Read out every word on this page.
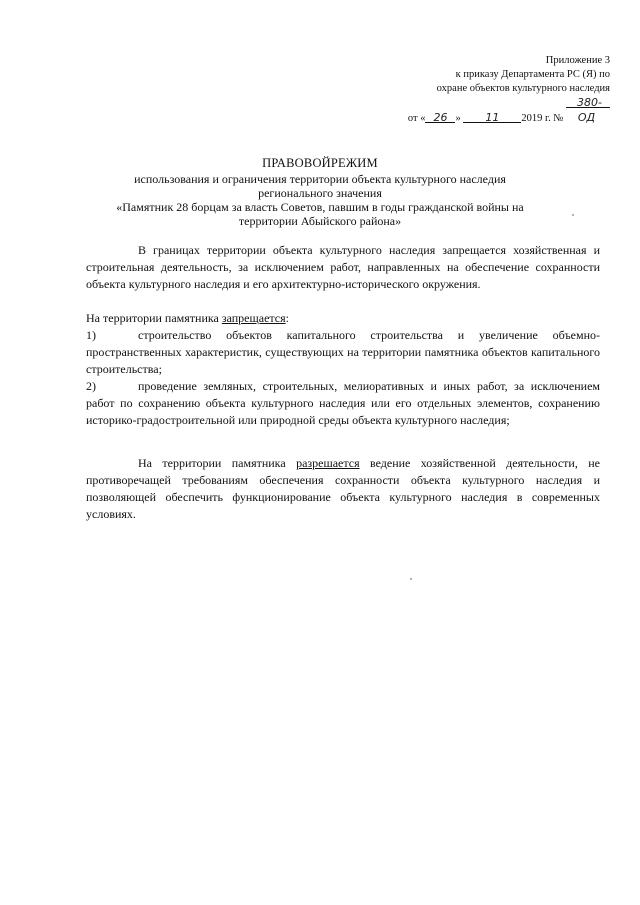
Приложение 3
к приказу Департамента РС (Я) по
охране объектов культурного наследия
от « 26 » 11 2019 г. № 380-ОД
ПРАВОВОЙРЕЖИМ
использования и ограничения территории объекта культурного наследия регионального значения
«Памятник 28 борцам за власть Советов, павшим в годы гражданской войны на территории Абыйского района»
В границах территории объекта культурного наследия запрещается хозяйственная и строительная деятельность, за исключением работ, направленных на обеспечение сохранности объекта культурного наследия и его архитектурно-исторического окружения.
На территории памятника запрещается:
1)	строительство объектов капитального строительства и увеличение объемно-пространственных характеристик, существующих на территории памятника объектов капитального строительства;
2)	проведение земляных, строительных, мелиоративных и иных работ, за исключением работ по сохранению объекта культурного наследия или его отдельных элементов, сохранению историко-градостроительной или природной среды объекта культурного наследия;
На территории памятника разрешается ведение хозяйственной деятельности, не противоречащей требованиям обеспечения сохранности объекта культурного наследия и позволяющей обеспечить функционирование объекта культурного наследия в современных условиях.
